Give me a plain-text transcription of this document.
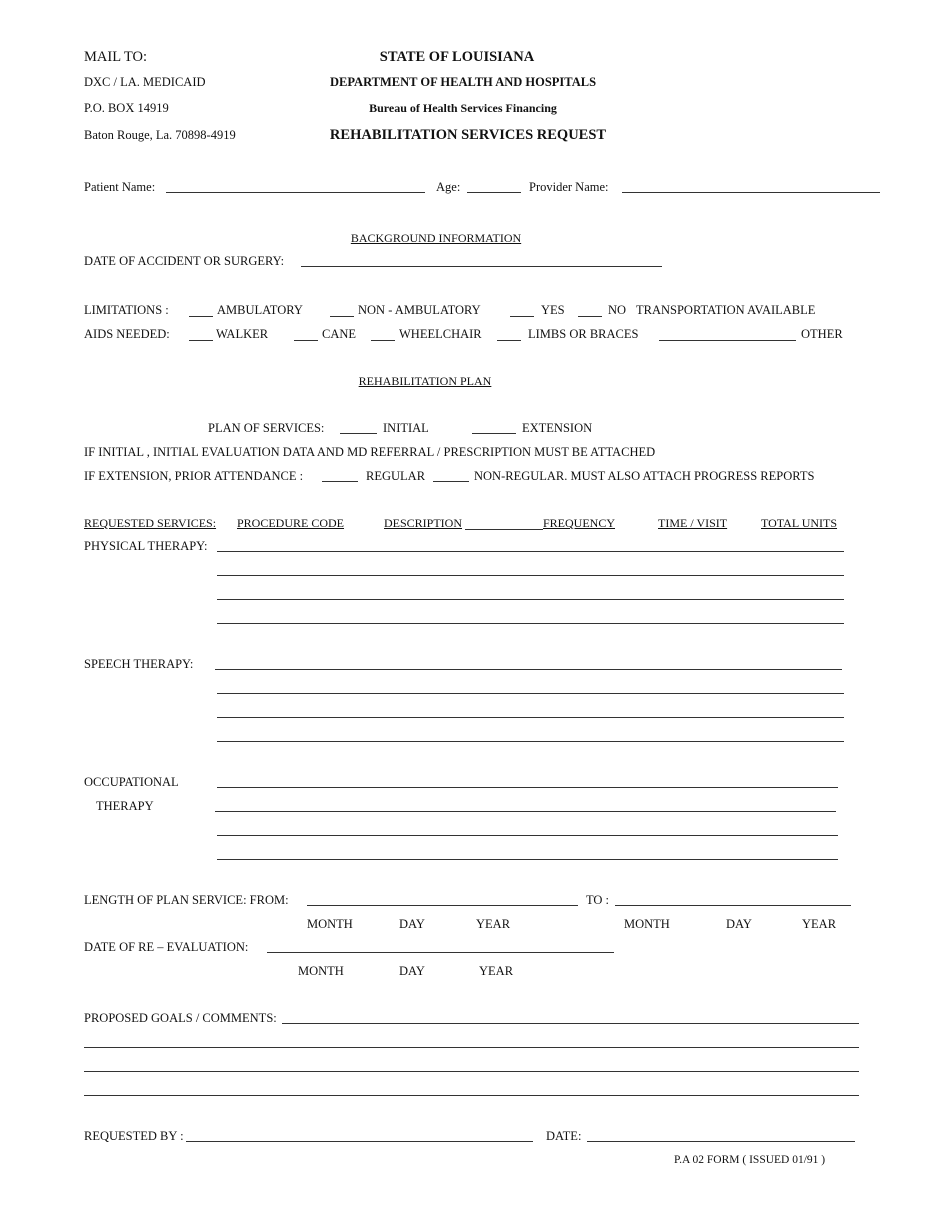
MAIL TO:
DXC / LA. MEDICAID
P.O. BOX 14919
Baton Rouge, La. 70898-4919
STATE OF LOUISIANA
DEPARTMENT OF HEALTH AND HOSPITALS
Bureau of Health Services Financing
REHABILITATION SERVICES REQUEST
Patient Name:	Age:	Provider Name:
BACKGROUND INFORMATION
DATE OF ACCIDENT OR SURGERY:
LIMITATIONS :	AMBULATORY	NON - AMBULATORY	YES	NO TRANSPORTATION AVAILABLE
AIDS NEEDED:	WALKER	CANE	WHEELCHAIR	LIMBS OR BRACES	OTHER
REHABILITATION PLAN
PLAN OF SERVICES:	INITIAL	EXTENSION
IF INITIAL , INITIAL EVALUATION DATA AND MD REFERRAL / PRESCRIPTION MUST BE ATTACHED
IF EXTENSION, PRIOR ATTENDANCE :	REGULAR	NON-REGULAR. MUST ALSO ATTACH PROGRESS REPORTS
REQUESTED SERVICES: PROCEDURE CODE	DESCRIPTION	FREQUENCY	TIME / VISIT	TOTAL UNITS
PHYSICAL THERAPY:
SPEECH THERAPY:
OCCUPATIONAL
THERAPY
LENGTH OF PLAN SERVICE: FROM:	TO :
MONTH	DAY	YEAR	MONTH	DAY	YEAR
DATE OF RE – EVALUATION:
MONTH	DAY	YEAR
PROPOSED GOALS / COMMENTS:
REQUESTED BY :	DATE:
P.A 02 FORM ( ISSUED 01/91 )
